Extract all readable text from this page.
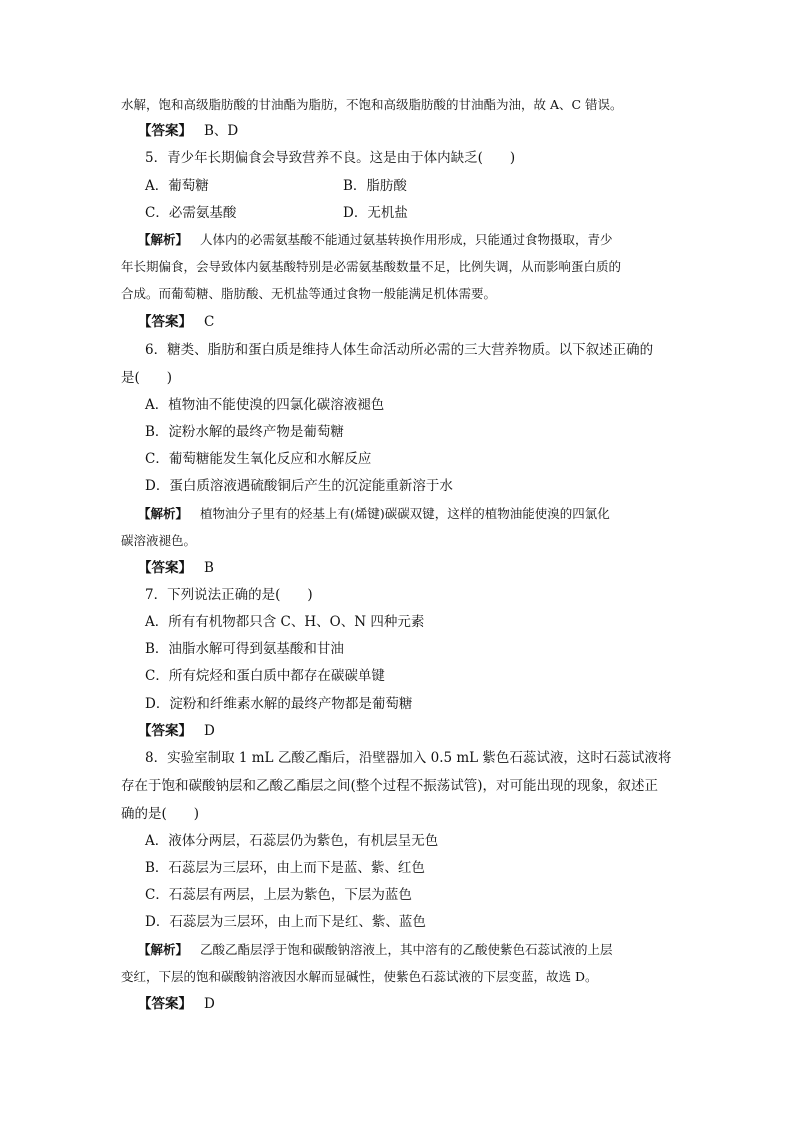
水解，饱和高级脂肪酸的甘油酯为脂肪，不饱和高级脂肪酸的甘油酯为油，故 A、C 错误。
【答案】 B、D
5．青少年长期偏食会导致营养不良。这是由于体内缺乏(　　)
A．葡萄糖	B．脂肪酸
C．必需氨基酸	D．无机盐
【解析】 人体内的必需氨基酸不能通过氨基转换作用形成，只能通过食物摄取，青少
年长期偏食，会导致体内氨基酸特别是必需氨基酸数量不足，比例失调，从而影响蛋白质的
合成。而葡萄糖、脂肪酸、无机盐等通过食物一般能满足机体需要。
【答案】 C
6．糖类、脂肪和蛋白质是维持人体生命活动所必需的三大营养物质。以下叙述正确的
是(　　)
A．植物油不能使溴的四氯化碳溶液褪色
B．淀粉水解的最终产物是葡萄糖
C．葡萄糖能发生氧化反应和水解反应
D．蛋白质溶液遇硫酸铜后产生的沉淀能重新溶于水
【解析】 植物油分子里有的烃基上有(烯键)碳碳双键，这样的植物油能使溴的四氯化
碳溶液褪色。
【答案】 B
7．下列说法正确的是(　　)
A．所有有机物都只含 C、H、O、N 四种元素
B．油脂水解可得到氨基酸和甘油
C．所有烷烃和蛋白质中都存在碳碳单键
D．淀粉和纤维素水解的最终产物都是葡萄糖
【答案】 D
8．实验室制取 1 mL 乙酸乙酯后，沿壁器加入 0.5 mL 紫色石蕊试液，这时石蕊试液将
存在于饱和碳酸钠层和乙酸乙酯层之间(整个过程不振荡试管)，对可能出现的现象，叙述正
确的是(　　)
A．液体分两层，石蕊层仍为紫色，有机层呈无色
B．石蕊层为三层环，由上而下是蓝、紫、红色
C．石蕊层有两层，上层为紫色，下层为蓝色
D．石蕊层为三层环，由上而下是红、紫、蓝色
【解析】 乙酸乙酯层浮于饱和碳酸钠溶液上，其中溶有的乙酸使紫色石蕊试液的上层
变红，下层的饱和碳酸钠溶液因水解而显碱性，使紫色石蕊试液的下层变蓝，故选 D。
【答案】 D
